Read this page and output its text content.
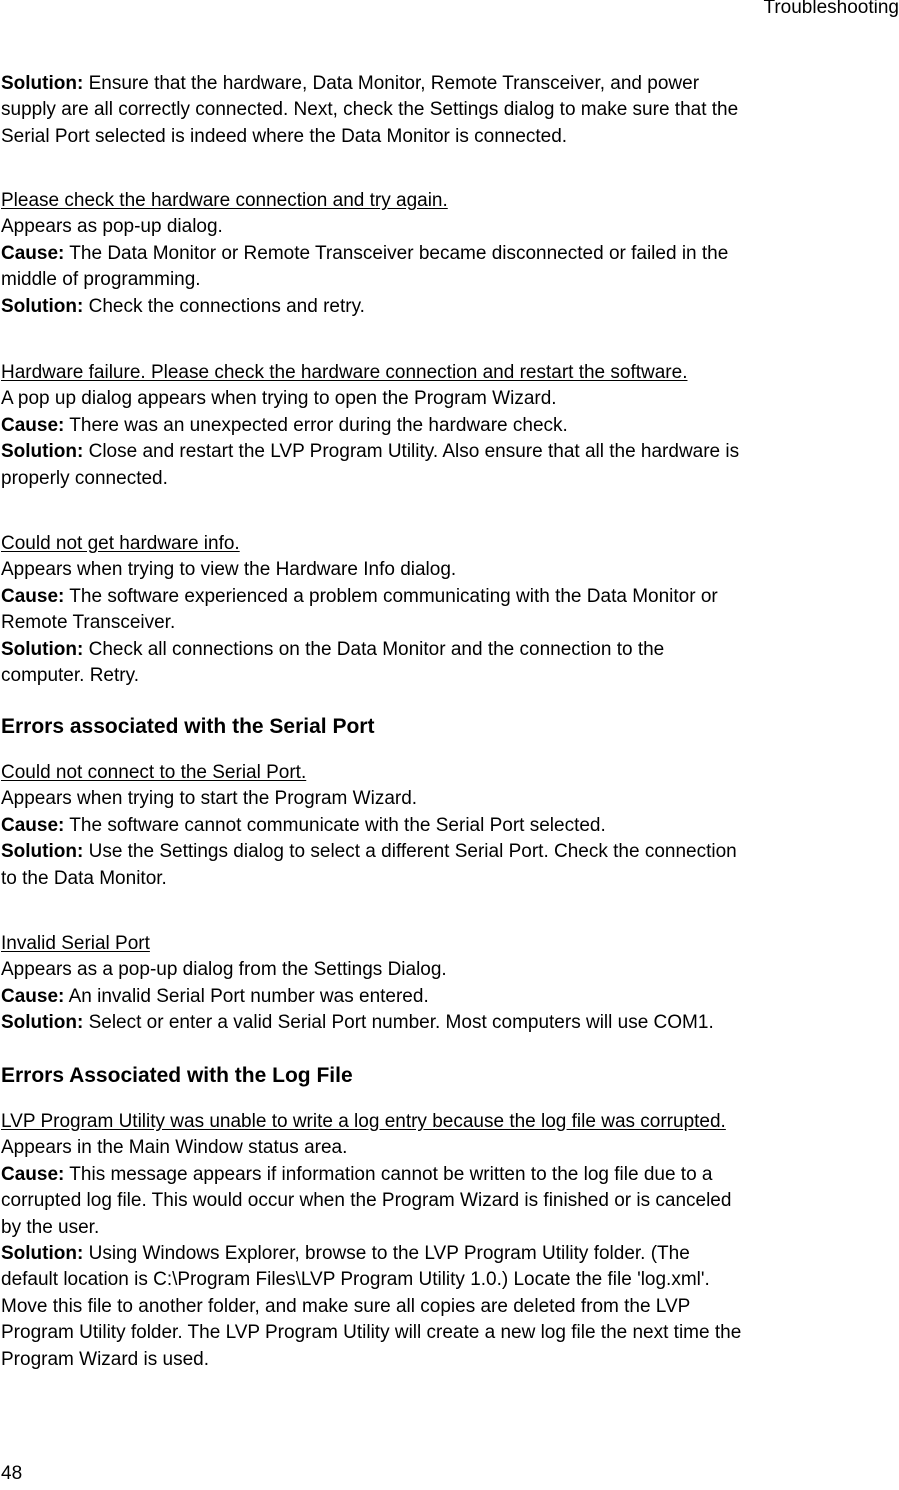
Troubleshooting
Solution: Ensure that the hardware, Data Monitor, Remote Transceiver, and power
supply are all correctly connected. Next, check the Settings dialog to make sure that the
Serial Port selected is indeed where the Data Monitor is connected.
Please check the hardware connection and try again.
Appears as pop-up dialog.
Cause: The Data Monitor or Remote Transceiver became disconnected or failed in the
middle of programming.
Solution: Check the connections and retry.
Hardware failure. Please check the hardware connection and restart the software.
A pop up dialog appears when trying to open the Program Wizard.
Cause: There was an unexpected error during the hardware check.
Solution: Close and restart the LVP Program Utility. Also ensure that all the hardware is
properly connected.
Could not get hardware info.
Appears when trying to view the Hardware Info dialog.
Cause: The software experienced a problem communicating with the Data Monitor or
Remote Transceiver.
Solution: Check all connections on the Data Monitor and the connection to the
computer. Retry.
Errors associated with the Serial Port
Could not connect to the Serial Port.
Appears when trying to start the Program Wizard.
Cause: The software cannot communicate with the Serial Port selected.
Solution: Use the Settings dialog to select a different Serial Port. Check the connection
to the Data Monitor.
Invalid Serial Port
Appears as a pop-up dialog from the Settings Dialog.
Cause: An invalid Serial Port number was entered.
Solution: Select or enter a valid Serial Port number. Most computers will use COM1.
Errors Associated with the Log File
LVP Program Utility was unable to write a log entry because the log file was corrupted.
Appears in the Main Window status area.
Cause: This message appears if information cannot be written to the log file due to a
corrupted log file. This would occur when the Program Wizard is finished or is canceled
by the user.
Solution: Using Windows Explorer, browse to the LVP Program Utility folder. (The
default location is C:\Program Files\LVP Program Utility 1.0.) Locate the file 'log.xml'.
Move this file to another folder, and make sure all copies are deleted from the LVP
Program Utility folder. The LVP Program Utility will create a new log file the next time the
Program Wizard is used.
48
